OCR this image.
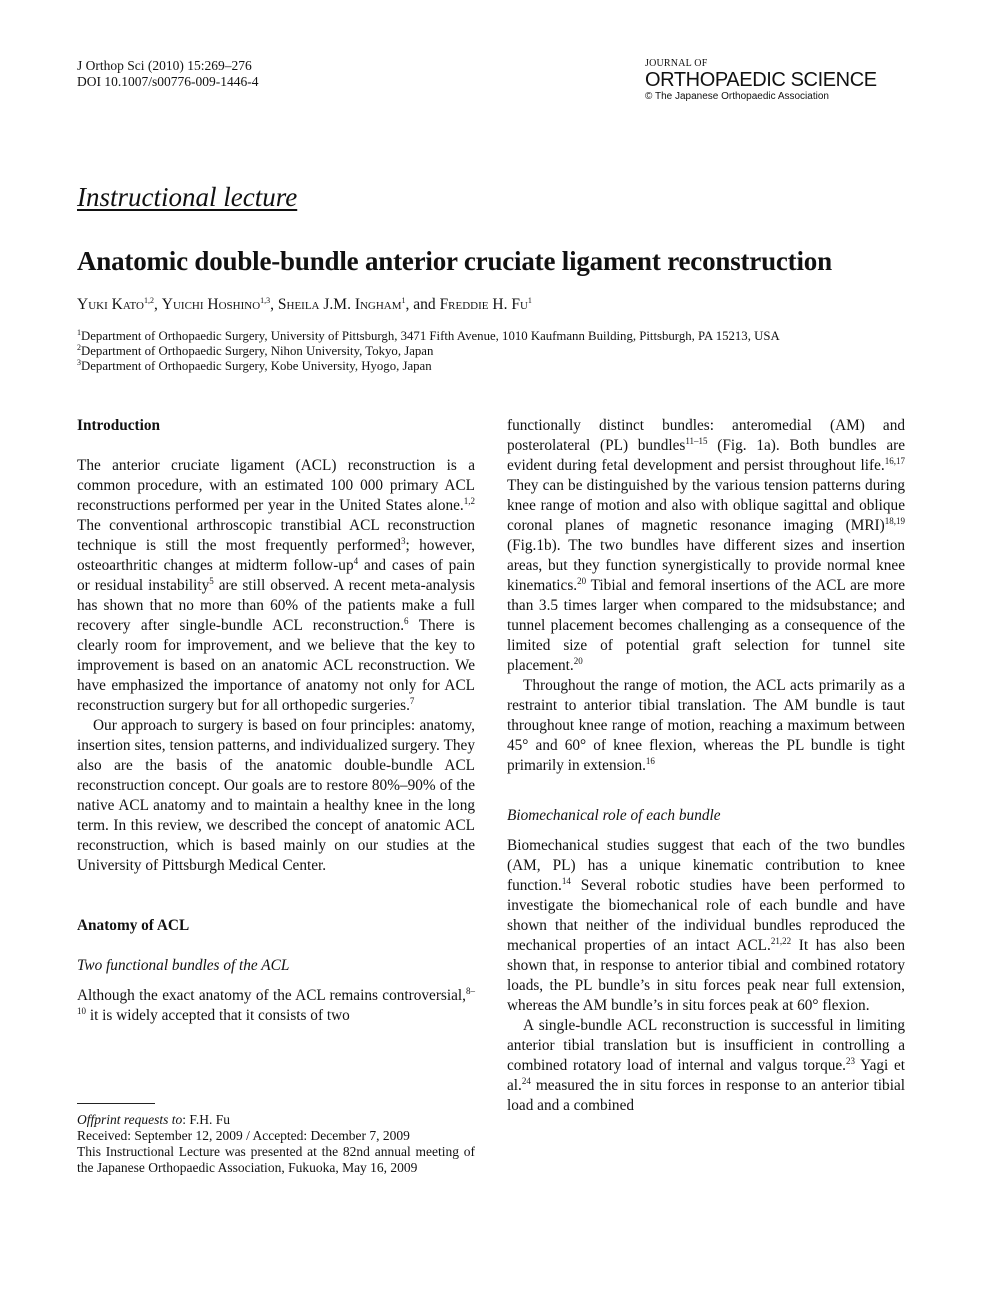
J Orthop Sci (2010) 15:269–276
DOI 10.1007/s00776-009-1446-4
JOURNAL OF
ORTHOPAEDIC SCIENCE
© The Japanese Orthopaedic Association
Instructional lecture
Anatomic double-bundle anterior cruciate ligament reconstruction
Yuki Kato$^{1,2}$, Yuichi Hoshino$^{1,3}$, Sheila J.M. Ingham$^1$, and Freddie H. Fu$^1$
$^1$Department of Orthopaedic Surgery, University of Pittsburgh, 3471 Fifth Avenue, 1010 Kaufmann Building, Pittsburgh, PA 15213, USA
$^2$Department of Orthopaedic Surgery, Nihon University, Tokyo, Japan
$^3$Department of Orthopaedic Surgery, Kobe University, Hyogo, Japan

Introduction

The anterior cruciate ligament (ACL) reconstruction is a common procedure, with an estimated 100 000 primary ACL reconstructions performed per year in the United States alone.$^{1,2}$ The conventional arthroscopic transtibial ACL reconstruction technique is still the most frequently performed$^3$; however, osteoarthritic changes at midterm follow-$up^4$ and cases of pain or residual instability$^5$ are still observed. A recent meta-analysis has shown that no more than 60% of the patients make a full recovery after single-bundle ACL reconstruction.$^6$ There is clearly room for improvement, and we believe that the key to improvement is based on an anatomic ACL reconstruction. We have emphasized the importance of anatomy not only for ACL reconstruction surgery but for all orthopedic surgeries.$^7$

Our approach to surgery is based on four principles: anatomy, insertion sites, tension patterns, and individualized surgery. They also are the basis of the anatomic double-bundle ACL reconstruction concept. Our goals are to restore 80%–90% of the native ACL anatomy and to maintain a healthy knee in the long term. In this review, we described the concept of anatomic ACL reconstruction, which is based mainly on our studies at the University of Pittsburgh Medical Center.

Anatomy of ACL

Two functional bundles of the ACL

Although the exact anatomy of the ACL remains controversial,$^{8-10}$ it is widely accepted that it consists of two

functionally distinct bundles: anteromedial (AM) and posterolateral (PL) bundles$^{11-15}$ (Fig. 1a). Both bundles are evident during fetal development and persist throughout life.$^{16,17}$ They can be distinguished by the various tension patterns during knee range of motion and also with oblique sagittal and oblique coronal planes of magnetic resonance imaging (MRI)$^{18,19}$ (Fig.1b). The two bundles have different sizes and insertion areas, but they function synergistically to provide normal knee kinematics.$^{20}$ Tibial and femoral insertions of the ACL are more than 3.5 times larger when compared to the midsubstance; and tunnel placement becomes challenging as a consequence of the limited size of potential graft selection for tunnel site placement.$^{20}$

Throughout the range of motion, the ACL acts primarily as a restraint to anterior tibial translation. The AM bundle is taut throughout knee range of motion, reaching a maximum between 45° and 60° of knee flexion, whereas the PL bundle is tight primarily in extension.$^{16}$

Biomechanical role of each bundle

Biomechanical studies suggest that each of the two bundles (AM, PL) has a unique kinematic contribution to knee function.$^{14}$ Several robotic studies have been performed to investigate the biomechanical role of each bundle and have shown that neither of the individual bundles reproduced the mechanical properties of an intact ACL.$^{21,22}$ It has also been shown that, in response to anterior tibial and combined rotatory loads, the PL bundle’s in situ forces peak near full extension, whereas the AM bundle’s in situ forces peak at 60° flexion.

A single-bundle ACL reconstruction is successful in limiting anterior tibial translation but is insufficient in controlling a combined rotatory load of internal and valgus torque.$^{23}$ Yagi et al.$^{24}$ measured the in situ forces in response to an anterior tibial load and a combined

Offprint requests to: F.H. Fu

Received: September 12, 2009 / Accepted: December 7, 2009

This Instructional Lecture was presented at the 82nd annual meeting of the Japanese Orthopaedic Association, Fukuoka, May 16, 2009
